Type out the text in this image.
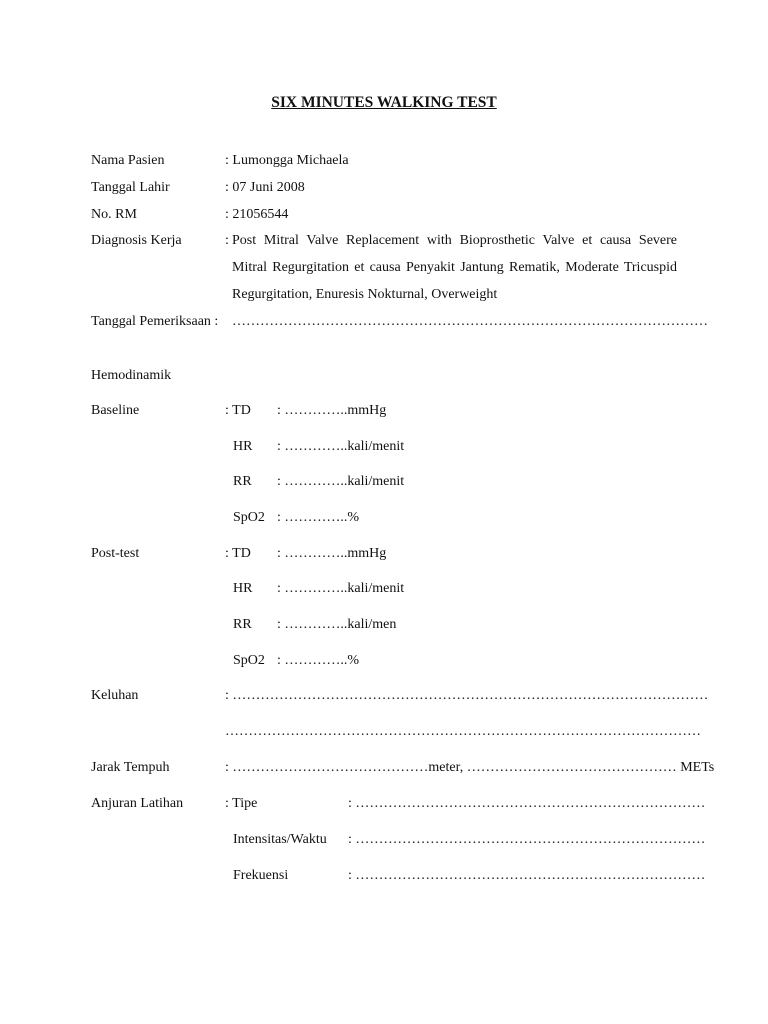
SIX MINUTES WALKING TEST
Nama Pasien	: Lumongga Michaela
Tanggal Lahir	: 07 Juni 2008
No. RM	: 21056544
Diagnosis Kerja	: Post Mitral Valve Replacement with Bioprosthetic Valve et causa Severe Mitral Regurgitation et causa Penyakit Jantung Rematik, Moderate Tricuspid Regurgitation, Enuresis Nokturnal, Overweight
Tanggal Pemeriksaan : …………………………………………………………………………………………
Hemodinamik
Baseline	: TD : …………..mmHg
HR : …………..kali/menit
RR : …………..kali/menit
SpO2 : …………..%
Post-test	: TD : …………..mmHg
HR : …………..kali/menit
RR : …………..kali/men
SpO2 : …………..%
Keluhan	: …………………………………………………………………………………………
…………………………………………………………………………………………
Jarak Tempuh	: ……………………………………meter, ……………………………………… METs
Anjuran Latihan	: Tipe	: …………………………………………………………………
Intensitas/Waktu : …………………………………………………………………
Frekuensi	: …………………………………………………………………
